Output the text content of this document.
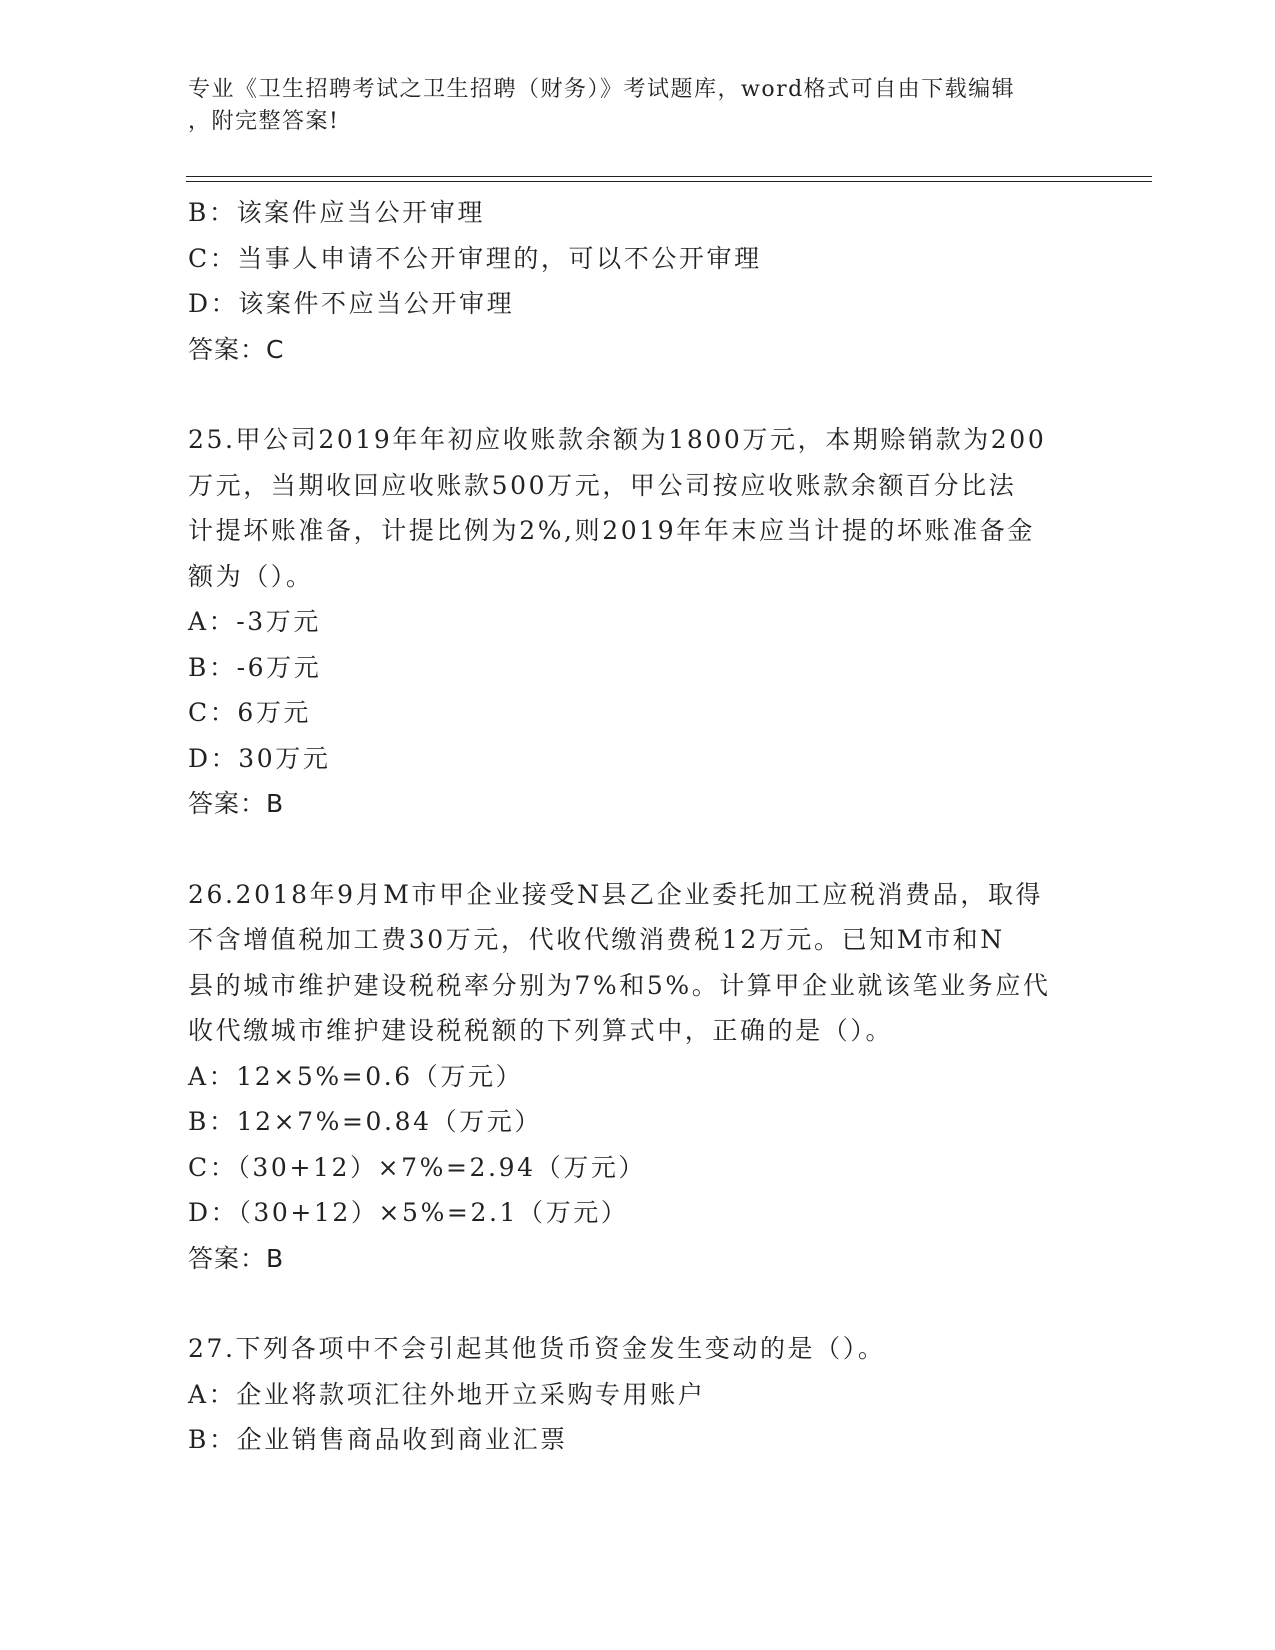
专业《卫生招聘考试之卫生招聘（财务）》考试题库，word格式可自由下载编辑
，附完整答案!
B：该案件应当公开审理
C：当事人申请不公开审理的，可以不公开审理
D：该案件不应当公开审理
答案：C
25.甲公司2019年年初应收账款余额为1800万元，本期赊销款为200
万元，当期收回应收账款500万元，甲公司按应收账款余额百分比法
计提坏账准备，计提比例为2%,则2019年年末应当计提的坏账准备金
额为（）。
A：-3万元
B：-6万元
C：6万元
D：30万元
答案：B
26.2018年9月M市甲企业接受N县乙企业委托加工应税消费品，取得
不含增值税加工费30万元，代收代缴消费税12万元。已知M市和N
县的城市维护建设税税率分别为7%和5%。计算甲企业就该笔业务应代
收代缴城市维护建设税税额的下列算式中，正确的是（）。
A：12×5%=0.6（万元）
B：12×7%=0.84（万元）
C：（30+12）×7%=2.94（万元）
D：（30+12）×5%=2.1（万元）
答案：B
27.下列各项中不会引起其他货币资金发生变动的是（）。
A：企业将款项汇往外地开立采购专用账户
B：企业销售商品收到商业汇票
